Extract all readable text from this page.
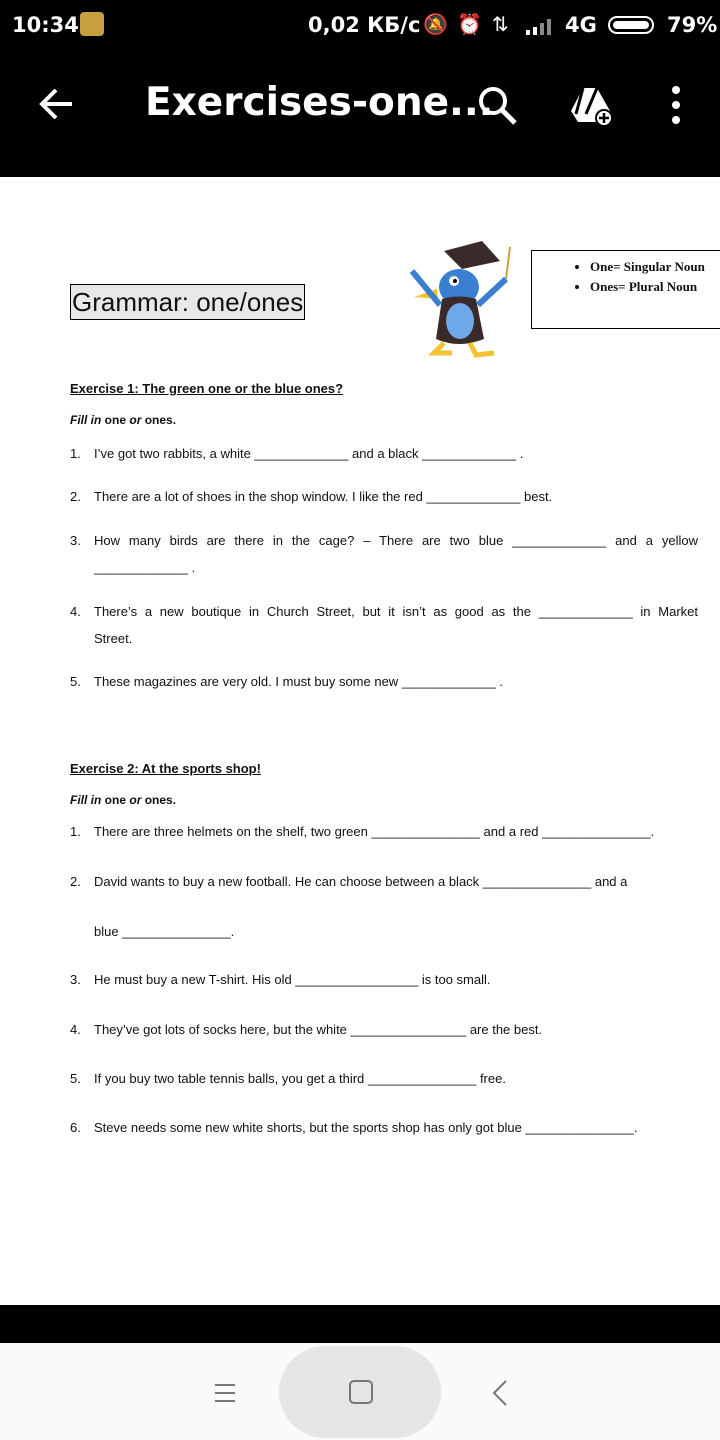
10:34	0,02 КБ/с 🔕 ⏰ ⇅	4G	79%
Exercises-one...
Grammar: one/ones
• One= Singular Noun
• Ones= Plural Noun
Exercise 1: The green one or the blue ones?
Fill in one or ones.
1. I’ve got two rabbits, a white _____________ and a black _____________ .
2. There are a lot of shoes in the shop window. I like the red _____________ best.
3. How many birds are there in the cage? – There are two blue _____________ and a yellow
_____________ .
4. There’s a new boutique in Church Street, but it isn’t as good as the _____________ in Market
Street.
5. These magazines are very old. I must buy some new _____________ .
Exercise 2: At the sports shop!
Fill in one or ones.
1. There are three helmets on the shelf, two green _______________ and a red _______________.
2. David wants to buy a new football. He can choose between a black _______________ and a
blue _______________.
3. He must buy a new T-shirt. His old _________________ is too small.
4. They’ve got lots of socks here, but the white ________________ are the best.
5. If you buy two table tennis balls, you get a third _______________ free.
6. Steve needs some new white shorts, but the sports shop has only got blue _______________.
